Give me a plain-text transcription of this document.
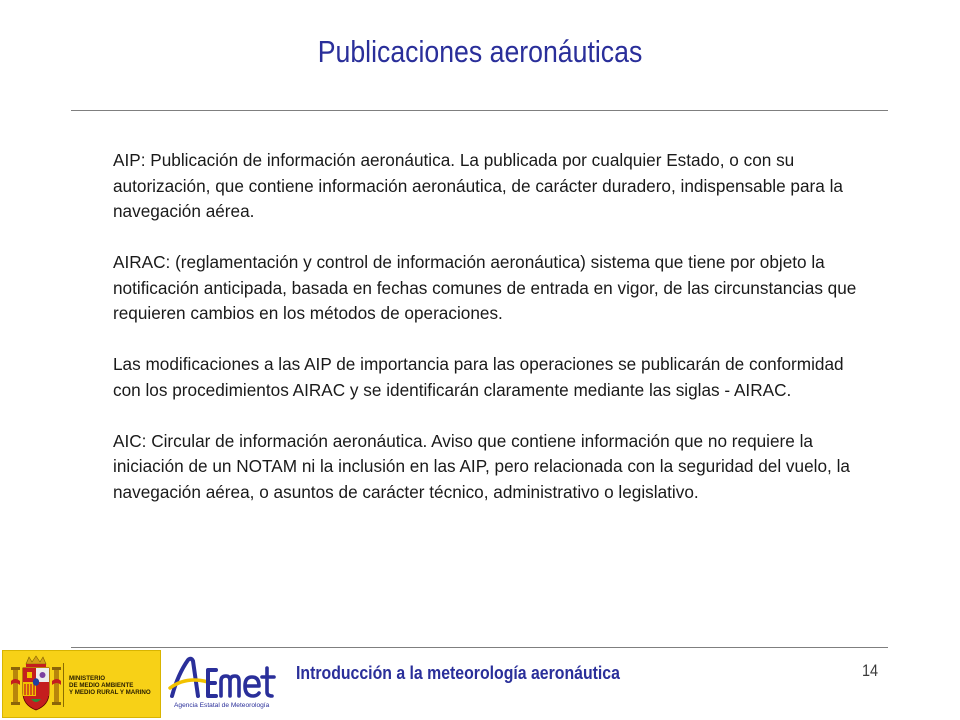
Publicaciones aeronáuticas

AIP: Publicación de información aeronáutica. La publicada por cualquier Estado, o con su autorización, que contiene información aeronáutica, de carácter duradero, indispensable para la navegación aérea.

AIRAC: (reglamentación y control de información aeronáutica) sistema que tiene por objeto la notificación anticipada, basada en fechas comunes de entrada en vigor, de las circunstancias que requieren cambios en los métodos de operaciones.

Las modificaciones a las AIP de importancia para las operaciones se publicarán de conformidad con los procedimientos AIRAC y se identificarán claramente mediante las siglas - AIRAC.

AIC: Circular de información aeronáutica. Aviso que contiene información que no requiere la iniciación de un NOTAM ni la inclusión en las AIP, pero relacionada con la seguridad del vuelo, la navegación aérea, o asuntos de carácter técnico, administrativo o legislativo.

MINISTERIO
DE MEDIO AMBIENTE
Y MEDIO RURAL Y MARINO
Agencia Estatal de Meteorología
Introducción a la meteorología aeronáutica	14
